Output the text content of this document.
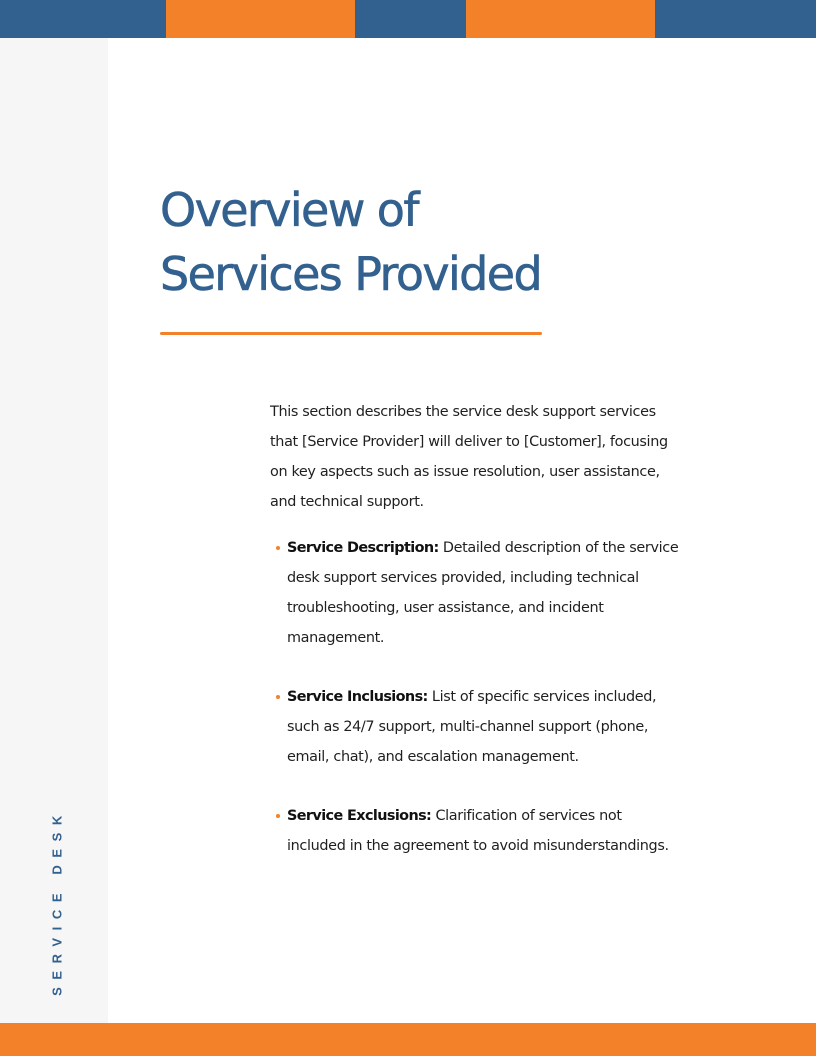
SERVICE DESK
Overview of
Services Provided

This section describes the service desk support services that [Service Provider] will deliver to [Customer], focusing on key aspects such as issue resolution, user assistance, and technical support.

Service Description: Detailed description of the service desk support services provided, including technical troubleshooting, user assistance, and incident management.
Service Inclusions: List of specific services included, such as 24/7 support, multi-channel support (phone, email, chat), and escalation management.
Service Exclusions: Clarification of services not included in the agreement to avoid misunderstandings.
